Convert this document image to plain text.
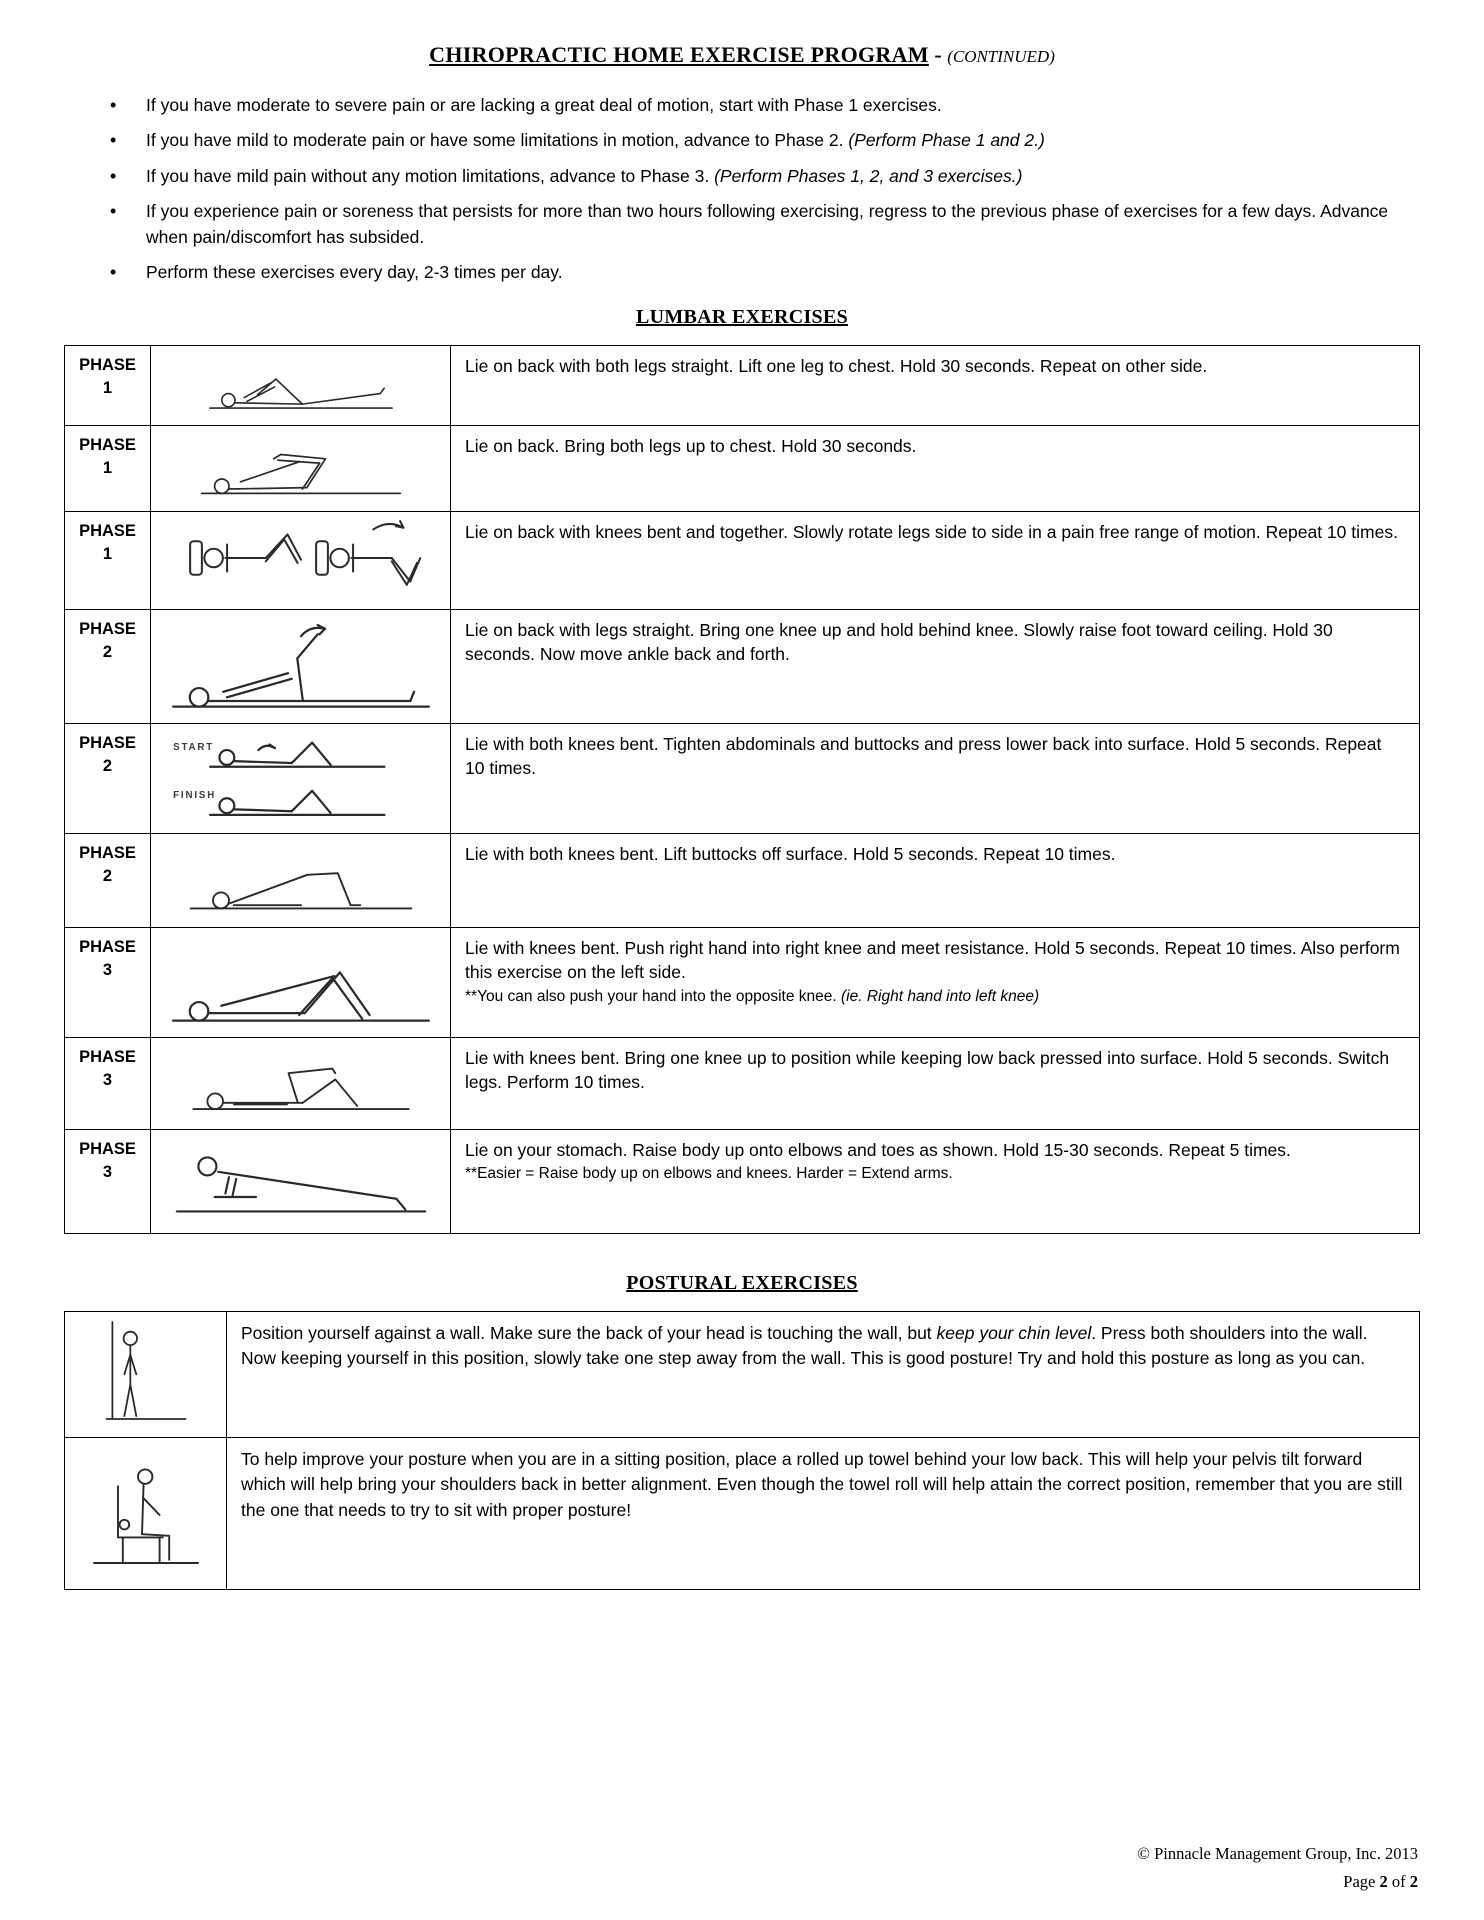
CHIROPRACTIC HOME EXERCISE PROGRAM - (CONTINUED)
• If you have moderate to severe pain or are lacking a great deal of motion, start with Phase 1 exercises.
• If you have mild to moderate pain or have some limitations in motion, advance to Phase 2. (Perform Phase 1 and 2.)
• If you have mild pain without any motion limitations, advance to Phase 3. (Perform Phases 1, 2, and 3 exercises.)
• If you experience pain or soreness that persists for more than two hours following exercising, regress to the previous phase of exercises for a few days. Advance when pain/discomfort has subsided.
• Perform these exercises every day, 2-3 times per day.
LUMBAR EXERCISES
PHASE
1		Lie on back with both legs straight. Lift one leg to chest. Hold 30 seconds. Repeat on other side.

PHASE
1		Lie on back. Bring both legs up to chest. Hold 30 seconds.

PHASE
1		Lie on back with knees bent and together. Slowly rotate legs side to side in a pain free range of motion. Repeat 10 times.

PHASE
2		Lie on back with legs straight. Bring one knee up and hold behind knee. Slowly raise foot toward ceiling. Hold 30 seconds. Now move ankle back and forth.

PHASE
2

START
FINISH
	Lie with both knees bent. Tighten abdominals and buttocks and press lower back into surface. Hold 5 seconds. Repeat 10 times.

PHASE
2		Lie with both knees bent. Lift buttocks off surface. Hold 5 seconds. Repeat 10 times.

PHASE
3
		Lie with knees bent. Push right hand into right knee and meet resistance. Hold 5 seconds. Repeat 10 times. Also perform this exercise on the left side.
**You can also push your hand into the opposite knee. (ie. Right hand into left knee)

PHASE
3		Lie with knees bent. Bring one knee up to position while keeping low back pressed into surface. Hold 5 seconds. Switch legs. Perform 10 times.

PHASE
3
		Lie on your stomach. Raise body up onto elbows and toes as shown. Hold 15-30 seconds. Repeat 5 times.
**Easier = Raise body up on elbows and knees. Harder = Extend arms.
POSTURAL EXERCISES
	Position yourself against a wall. Make sure the back of your head is touching the wall, but keep your chin level. Press both shoulders into the wall. Now keeping yourself in this position, slowly take one step away from the wall. This is good posture! Try and hold this posture as long as you can.
	To help improve your posture when you are in a sitting position, place a rolled up towel behind your low back. This will help your pelvis tilt forward which will help bring your shoulders back in better alignment. Even though the towel roll will help attain the correct position, remember that you are still the one that needs to try to sit with proper posture!
© Pinnacle Management Group, Inc. 2013
Page 2 of 2
